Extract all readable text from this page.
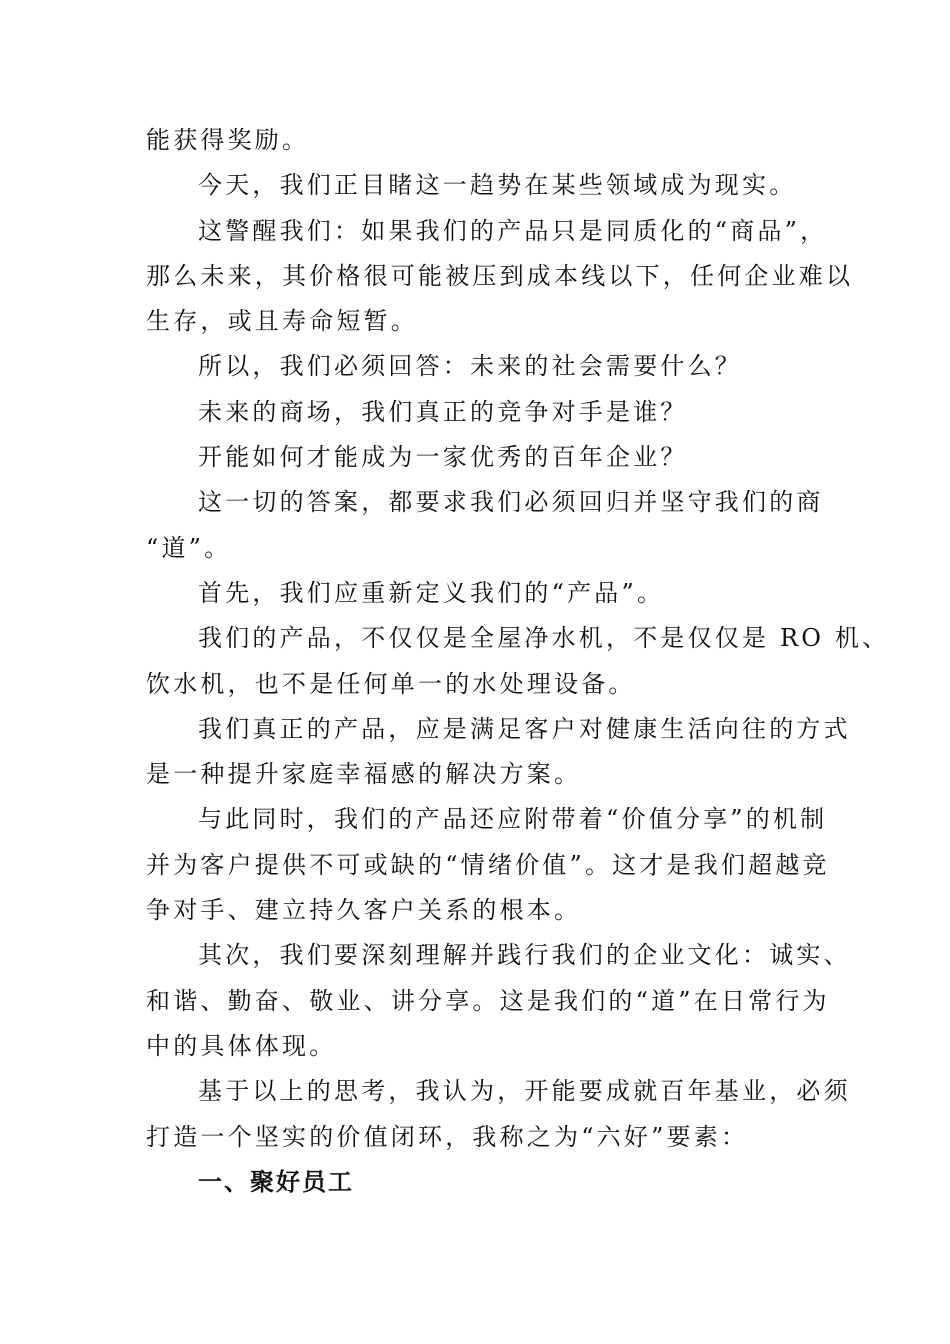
能获得奖励。
今天，我们正目睹这一趋势在某些领域成为现实。
这警醒我们：如果我们的产品只是同质化的“商品”，
那么未来，其价格很可能被压到成本线以下，任何企业难以
生存，或且寿命短暂。
所以，我们必须回答：未来的社会需要什么？
未来的商场，我们真正的竞争对手是谁？
开能如何才能成为一家优秀的百年企业？
这一切的答案，都要求我们必须回归并坚守我们的商
“道”。
首先，我们应重新定义我们的“产品”。
我们的产品，不仅仅是全屋净水机，不是仅仅是 RO 机、
饮水机，也不是任何单一的水处理设备。
我们真正的产品，应是满足客户对健康生活向往的方式
是一种提升家庭幸福感的解决方案。
与此同时，我们的产品还应附带着“价值分享”的机制
并为客户提供不可或缺的“情绪价值”。这才是我们超越竞
争对手、建立持久客户关系的根本。
其次，我们要深刻理解并践行我们的企业文化：诚实、
和谐、勤奋、敬业、讲分享。这是我们的“道”在日常行为
中的具体体现。
基于以上的思考，我认为，开能要成就百年基业，必须
打造一个坚实的价值闭环，我称之为“六好”要素：
一、聚好员工
